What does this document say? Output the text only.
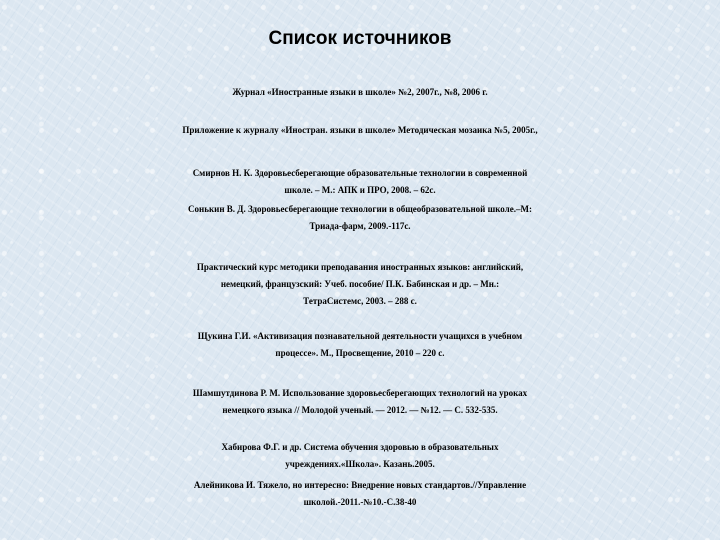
Список источников
Журнал «Иностранные языки в школе» №2, 2007г., №8, 2006 г.
Приложение к журналу «Иностран. языки в школе» Методическая мозаика №5, 2005г.,
Смирнов Н. К. Здоровьесберегающие образовательные технологии в современной
школе. – М.: АПК и ПРО, 2008. – 62с.
Сонькин В. Д. Здоровьесберегающие технологии в общеобразовательной школе.–М:
Триада-фарм, 2009.-117с.
Практический курс методики преподавания иностранных языков: английский,
немецкий, французский: Учеб. пособие/ П.К. Бабинская и др. – Мн.:
ТетраСистемс, 2003. – 288 с.
Щукина Г.И. «Активизация познавательной деятельности учащихся в учебном
процессе». М., Просвещение, 2010 – 220 с.
Шамшутдинова Р. М. Использование здоровьесберегающих технологий на уроках
немецкого языка // Молодой ученый. — 2012. — №12. — С. 532-535.
Хабирова Ф.Г. и др. Система обучения здоровью в образовательных
учреждениях.«Школа». Казань.2005.
Алейникова И. Тяжело, но интересно: Внедрение новых стандартов.//Управление
школой.-2011.-№10.-С.38-40
